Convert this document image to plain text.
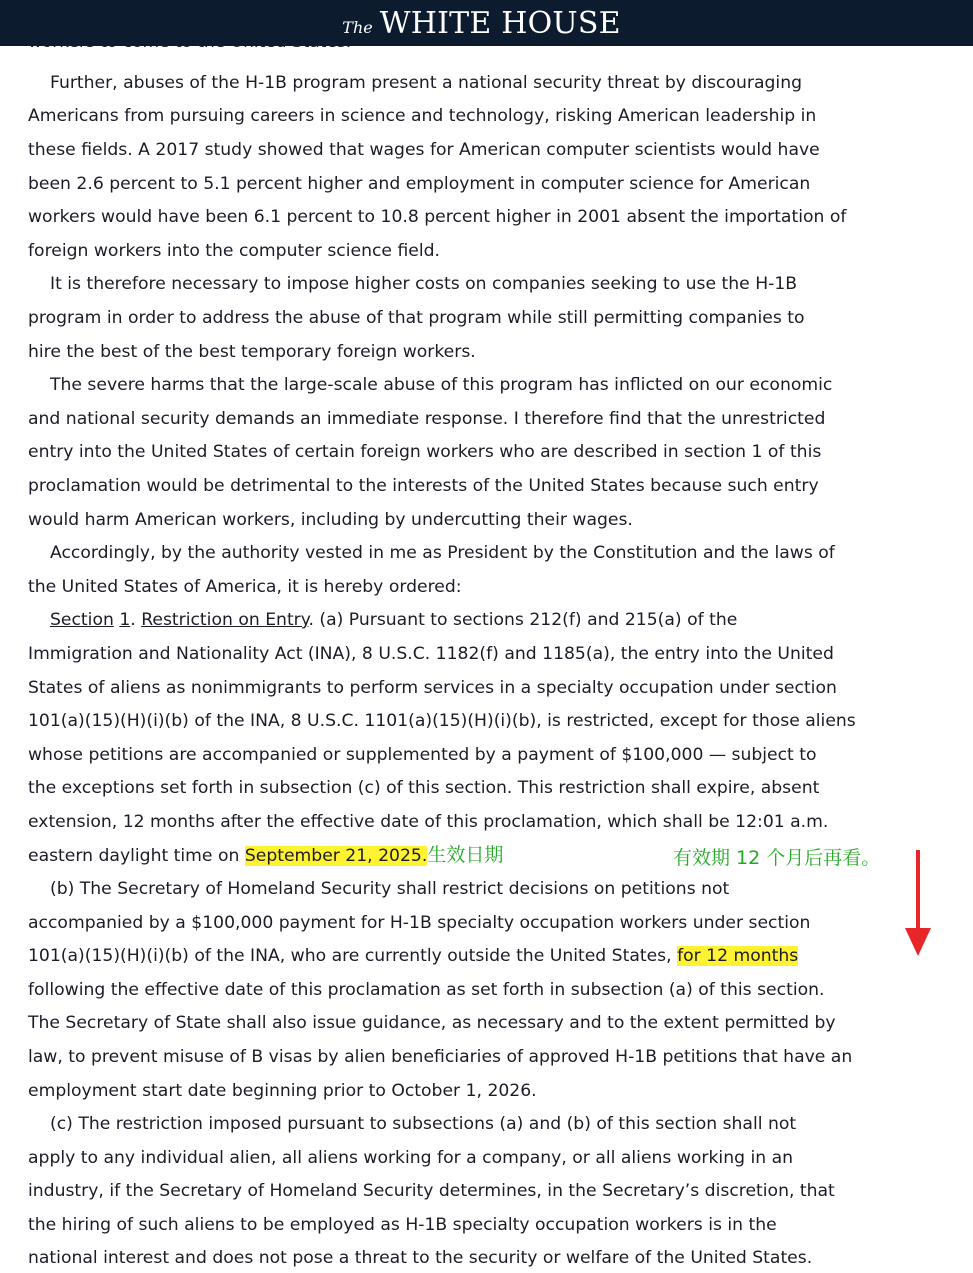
The WHITE HOUSE
Further, abuses of the H-1B program present a national security threat by discouraging
Americans from pursuing careers in science and technology, risking American leadership in
these fields. A 2017 study showed that wages for American computer scientists would have
been 2.6 percent to 5.1 percent higher and employment in computer science for American
workers would have been 6.1 percent to 10.8 percent higher in 2001 absent the importation of
foreign workers into the computer science field.
It is therefore necessary to impose higher costs on companies seeking to use the H-1B
program in order to address the abuse of that program while still permitting companies to
hire the best of the best temporary foreign workers.
The severe harms that the large-scale abuse of this program has inflicted on our economic
and national security demands an immediate response. I therefore find that the unrestricted
entry into the United States of certain foreign workers who are described in section 1 of this
proclamation would be detrimental to the interests of the United States because such entry
would harm American workers, including by undercutting their wages.
Accordingly, by the authority vested in me as President by the Constitution and the laws of
the United States of America, it is hereby ordered:
Section 1. Restriction on Entry. (a) Pursuant to sections 212(f) and 215(a) of the
Immigration and Nationality Act (INA), 8 U.S.C. 1182(f) and 1185(a), the entry into the United
States of aliens as nonimmigrants to perform services in a specialty occupation under section
101(a)(15)(H)(i)(b) of the INA, 8 U.S.C. 1101(a)(15)(H)(i)(b), is restricted, except for those aliens
whose petitions are accompanied or supplemented by a payment of $100,000 — subject to
the exceptions set forth in subsection (c) of this section. This restriction shall expire, absent
extension, 12 months after the effective date of this proclamation, which shall be 12:01 a.m.
eastern daylight time on September 21, 2025.生效日期	有效期 12 个月后再看。
(b) The Secretary of Homeland Security shall restrict decisions on petitions not
accompanied by a $100,000 payment for H-1B specialty occupation workers under section
101(a)(15)(H)(i)(b) of the INA, who are currently outside the United States, for 12 months
following the effective date of this proclamation as set forth in subsection (a) of this section.
The Secretary of State shall also issue guidance, as necessary and to the extent permitted by
law, to prevent misuse of B visas by alien beneficiaries of approved H-1B petitions that have an
employment start date beginning prior to October 1, 2026.
(c) The restriction imposed pursuant to subsections (a) and (b) of this section shall not
apply to any individual alien, all aliens working for a company, or all aliens working in an
industry, if the Secretary of Homeland Security determines, in the Secretary’s discretion, that
the hiring of such aliens to be employed as H-1B specialty occupation workers is in the
national interest and does not pose a threat to the security or welfare of the United States.
